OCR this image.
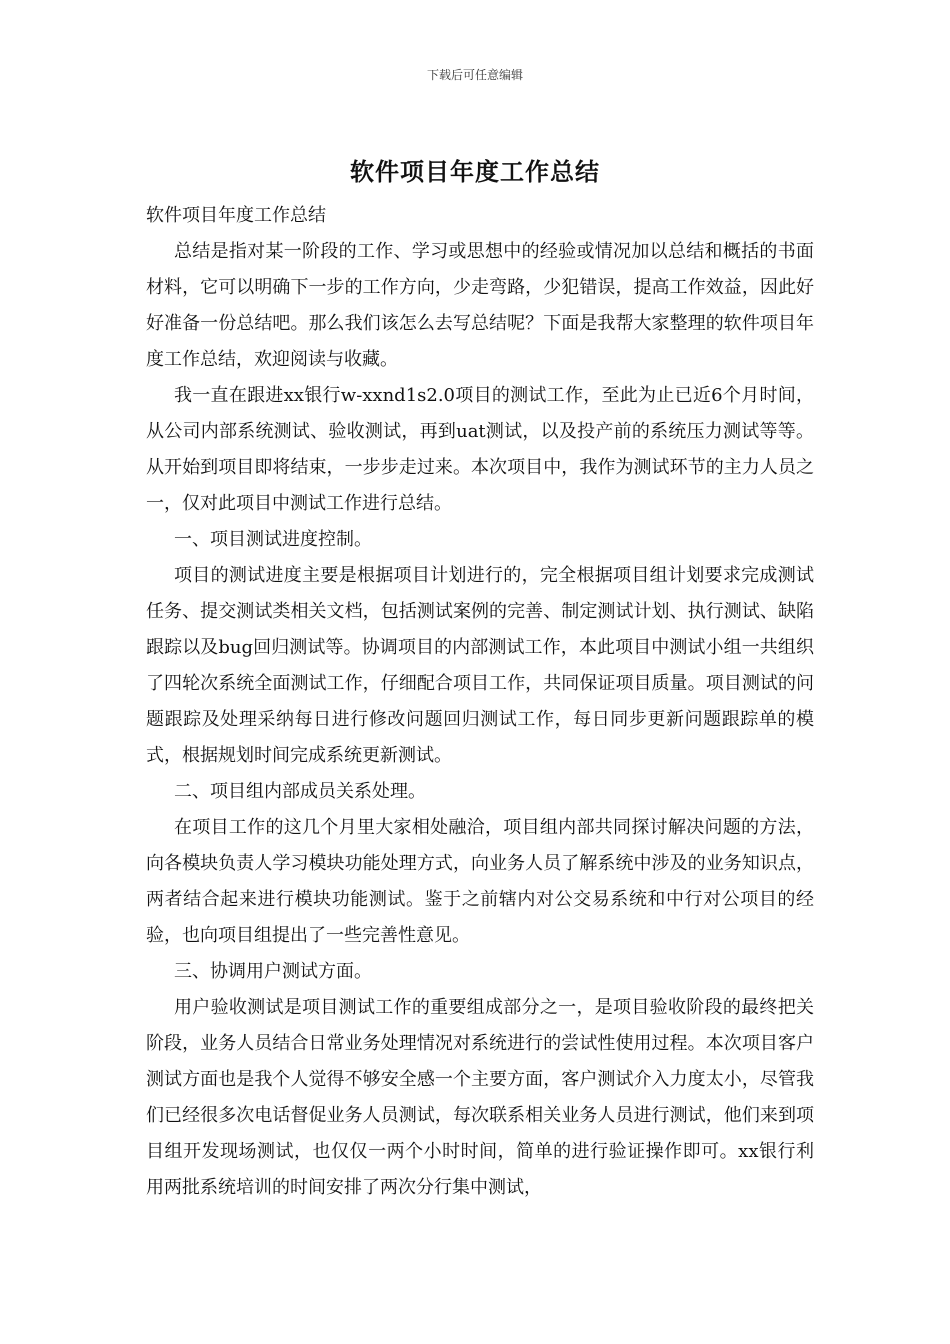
下载后可任意编辑
软件项目年度工作总结

软件项目年度工作总结

总结是指对某一阶段的工作、学习或思想中的经验或情况加以总结和概括的书面材料，它可以明确下一步的工作方向，少走弯路，少犯错误，提高工作效益，因此好好准备一份总结吧。那么我们该怎么去写总结呢？下面是我帮大家整理的软件项目年度工作总结，欢迎阅读与收藏。

我一直在跟进xx银行w-xxnd1s2.0项目的测试工作，至此为止已近6个月时间，从公司内部系统测试、验收测试，再到uat测试，以及投产前的系统压力测试等等。从开始到项目即将结束，一步步走过来。本次项目中，我作为测试环节的主力人员之一，仅对此项目中测试工作进行总结。

一、项目测试进度控制。

项目的测试进度主要是根据项目计划进行的，完全根据项目组计划要求完成测试任务、提交测试类相关文档，包括测试案例的完善、制定测试计划、执行测试、缺陷跟踪以及bug回归测试等。协调项目的内部测试工作，本此项目中测试小组一共组织了四轮次系统全面测试工作，仔细配合项目工作，共同保证项目质量。项目测试的问题跟踪及处理采纳每日进行修改问题回归测试工作，每日同步更新问题跟踪单的模式，根据规划时间完成系统更新测试。

二、项目组内部成员关系处理。

在项目工作的这几个月里大家相处融洽，项目组内部共同探讨解决问题的方法，向各模块负责人学习模块功能处理方式，向业务人员了解系统中涉及的业务知识点，两者结合起来进行模块功能测试。鉴于之前辖内对公交易系统和中行对公项目的经验，也向项目组提出了一些完善性意见。

三、协调用户测试方面。

用户验收测试是项目测试工作的重要组成部分之一，是项目验收阶段的最终把关阶段，业务人员结合日常业务处理情况对系统进行的尝试性使用过程。本次项目客户测试方面也是我个人觉得不够安全感一个主要方面，客户测试介入力度太小，尽管我们已经很多次电话督促业务人员测试，每次联系相关业务人员进行测试，他们来到项目组开发现场测试，也仅仅一两个小时时间，简单的进行验证操作即可。xx银行利用两批系统培训的时间安排了两次分行集中测试，
